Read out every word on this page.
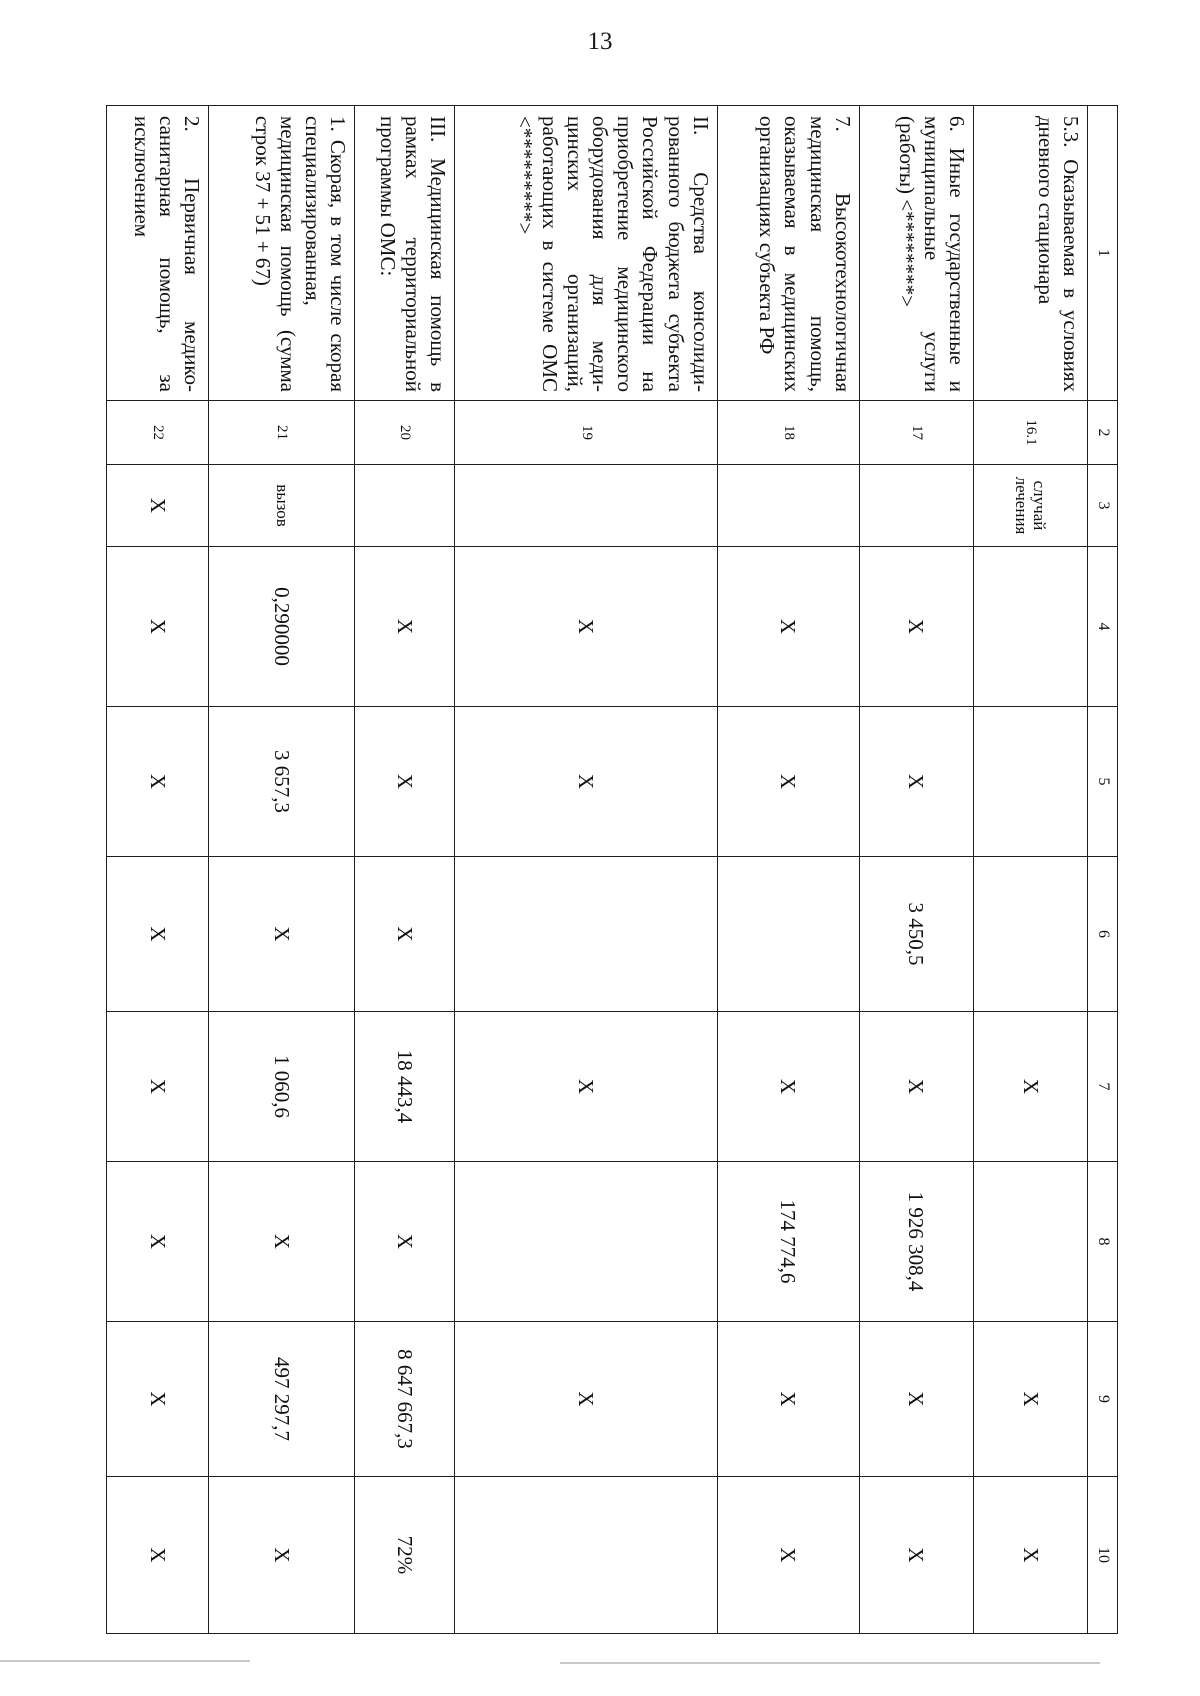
13
1	2	3	4	5	6	7	8	9	10
5.3. Оказываемая в условиях дневного стационара	16.1	случай лечения				X		X	X
6. Иные государственные и муниципальные услуги (работы) <********>	17		X	X	3 450,5	X	1 926 308,4	X	X
7. Высокотехнологичная медицинская помощь, оказываемая в медицинских организациях субъекта РФ	18		X	X		X	174 774,6	X	X
II. Средства консолидированного бюджета субъекта Российской Федерации на приобретение медицинского оборудования для медицинских организаций, работающих в системе ОМС <*********>	19		X	X		X		X	
III. Медицинская помощь в рамках территориальной программы ОМС:	20		X	X	X	18 443,4	X	8 647 667,3	72%
1. Скорая, в том числе скорая специализированная, медицинская помощь (сумма строк 37 + 51 + 67)	21	вызов	0,290000	3 657,3	X	1 060,6	X	497 297,7	X
2. Первичная медико-санитарная помощь, за исключением	22	X	X	X	X	X	X	X	X
